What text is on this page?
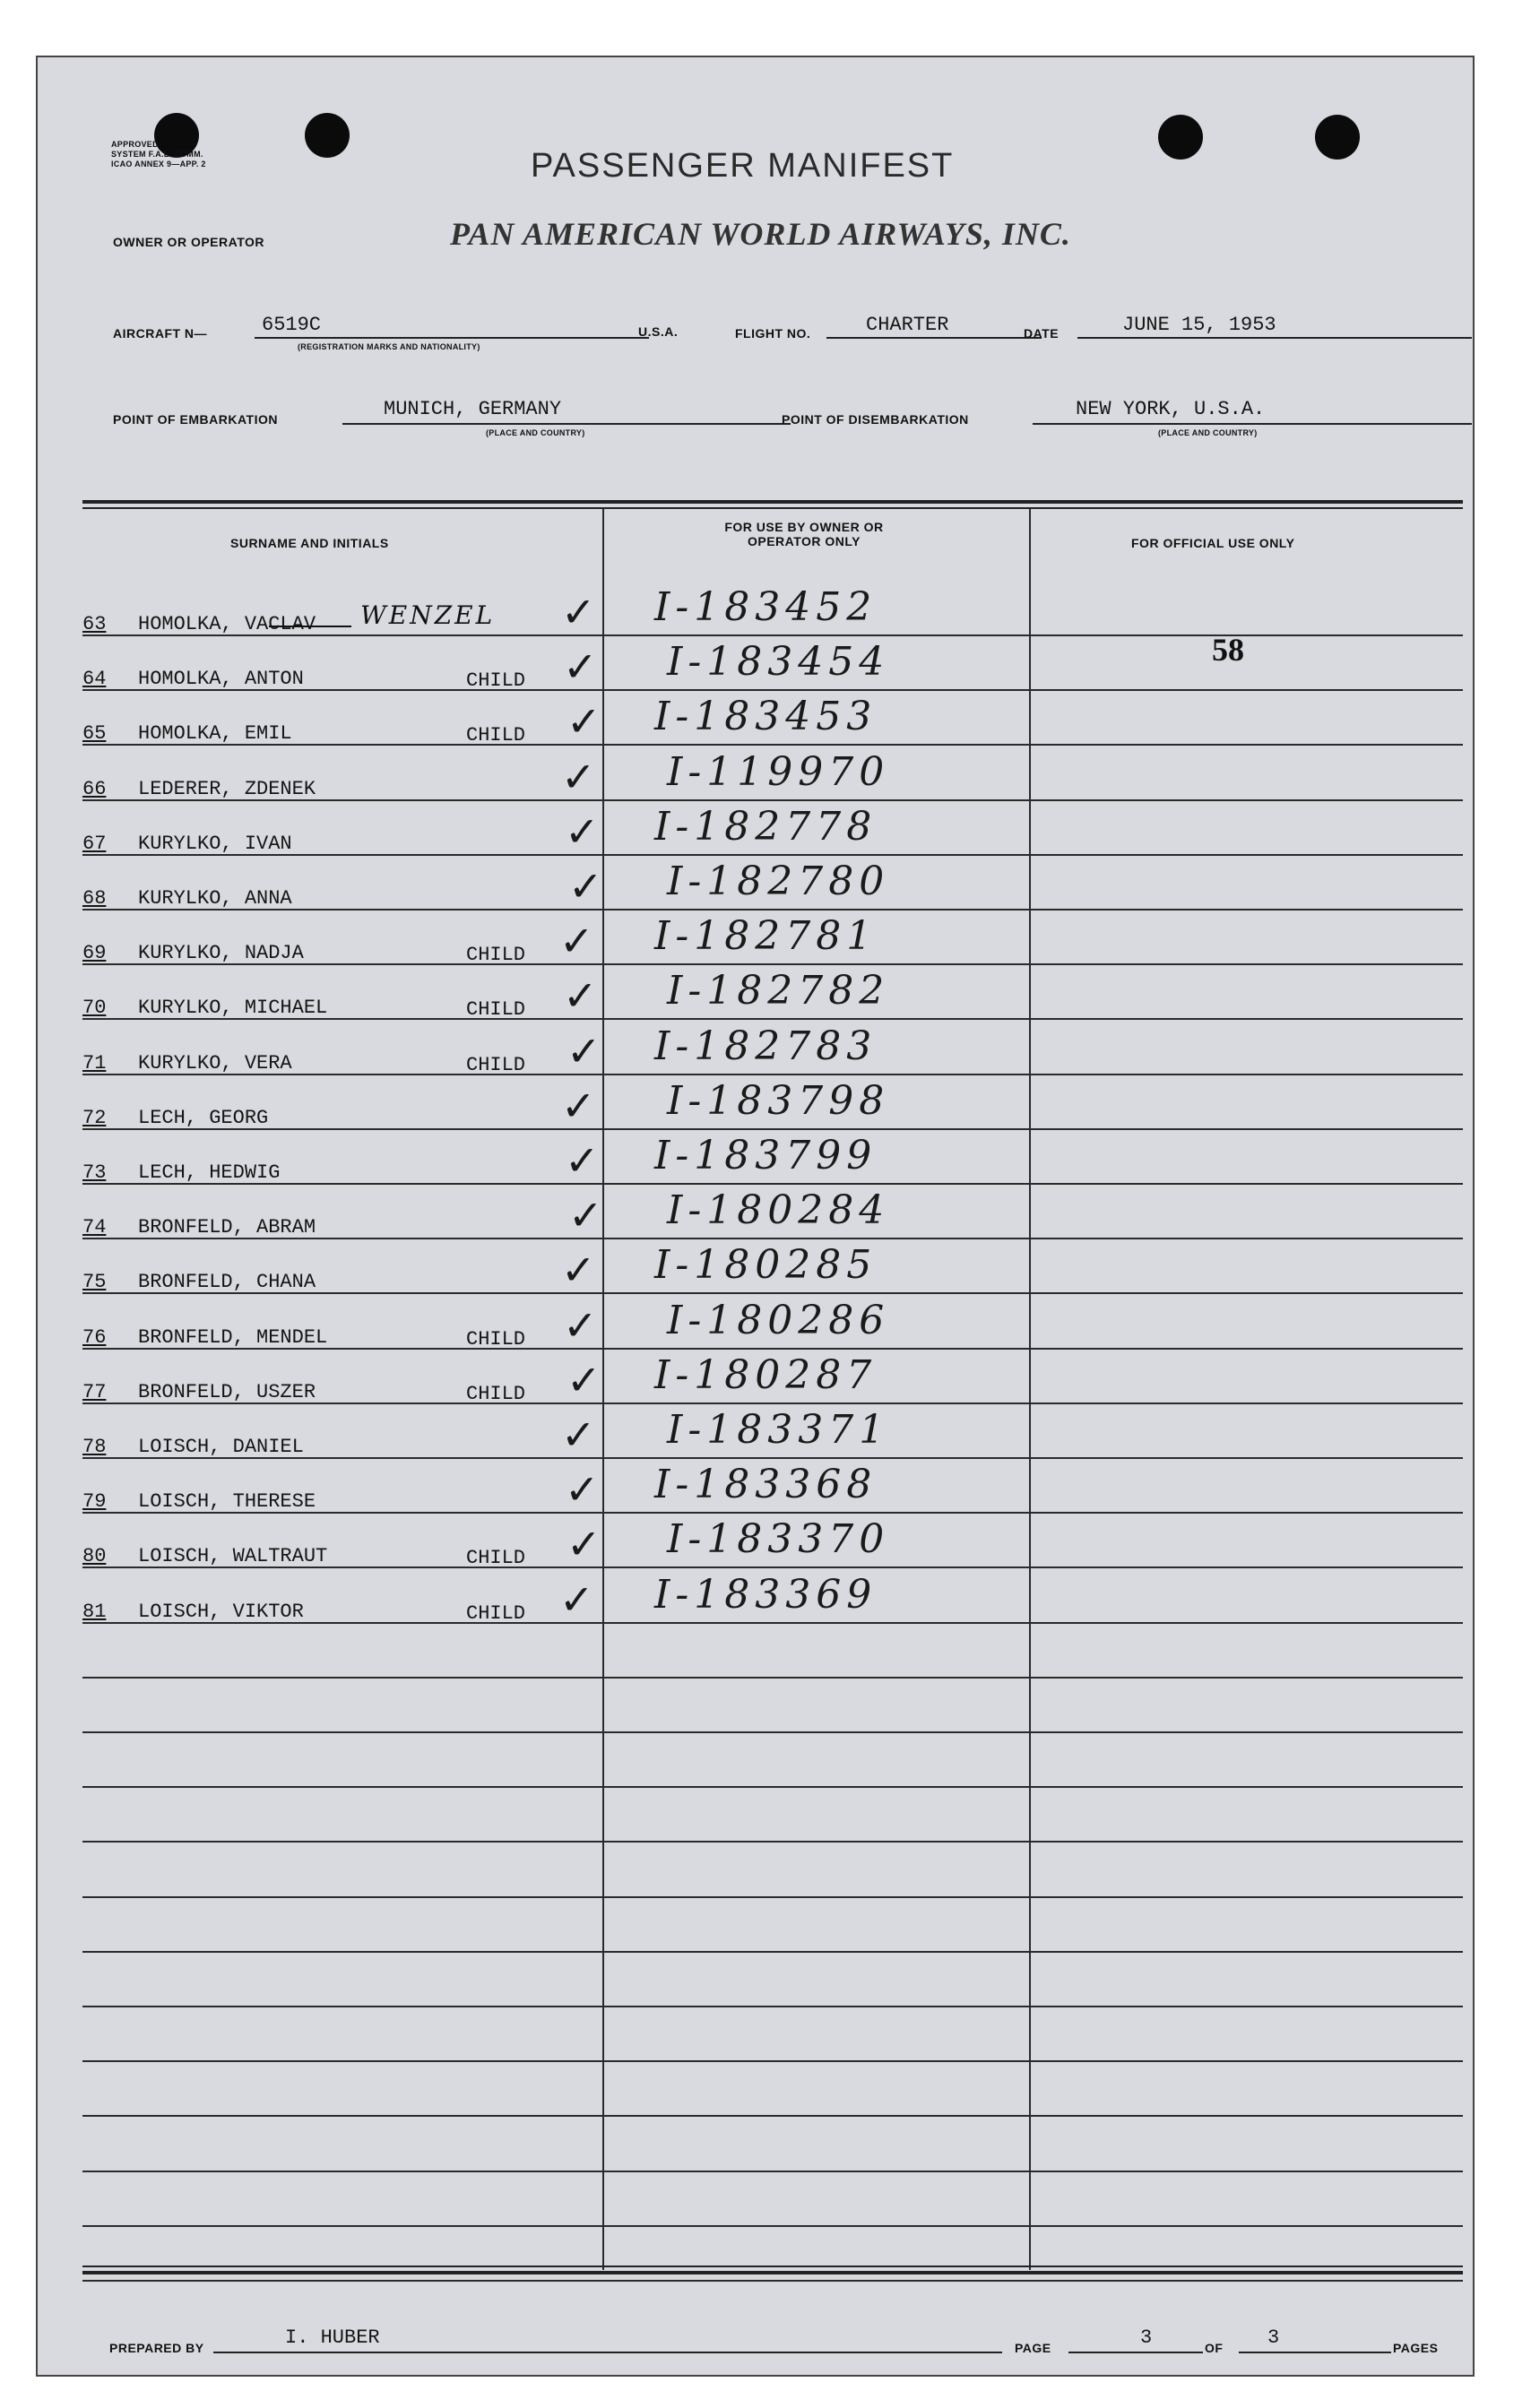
APPROVED
SYSTEM F.A.L. COMM.
ICAO ANNEX 9—APP. 2	PASSENGER MANIFEST
OWNER OR OPERATOR	PAN AMERICAN WORLD AIRWAYS, INC.
AIRCRAFT N—	6519C
(REGISTRATION MARKS AND NATIONALITY)
U.S.A.	FLIGHT NO.	CHARTER	DATE	JUNE 15, 1953
POINT OF EMBARKATION	MUNICH, GERMANY
(PLACE AND COUNTRY)
POINT OF DISEMBARKATION	NEW YORK, U.S.A.
(PLACE AND COUNTRY)
SURNAME AND INITIALS
FOR USE BY OWNER OR OPERATOR ONLY	FOR OFFICIAL USE ONLY
58
63 HOMOLKA, VACLAV WENZEL ✓ I-183452
64 HOMOLKA, ANTON	CHILD ✓ I-183454
65 HOMOLKA, EMIL	CHILD ✓ I-183453
66 LEDERER, ZDENEK	✓ I-119970
67 KURYLKO, IVAN	✓ I-182778
68 KURYLKO, ANNA	✓ I-182780
69 KURYLKO, NADJA	CHILD ✓ I-182781
70 KURYLKO, MICHAEL	CHILD ✓ I-182782
71 KURYLKO, VERA	CHILD ✓ I-182783
72 LECH, GEORG	✓ I-183798
73 LECH, HEDWIG	✓ I-183799
74 BRONFELD, ABRAM	✓ I-180284
75 BRONFELD, CHANA	✓ I-180285
76 BRONFELD, MENDEL	CHILD ✓ I-180286
77 BRONFELD, USZER	CHILD ✓ I-180287
78 LOISCH, DANIEL	✓ I-183371
79 LOISCH, THERESE	✓ I-183368
80 LOISCH, WALTRAUT	CHILD ✓ I-183370
81 LOISCH, VIKTOR	CHILD ✓ I-183369
PREPARED BY	I. HUBER	PAGE	3	OF 3	PAGES
